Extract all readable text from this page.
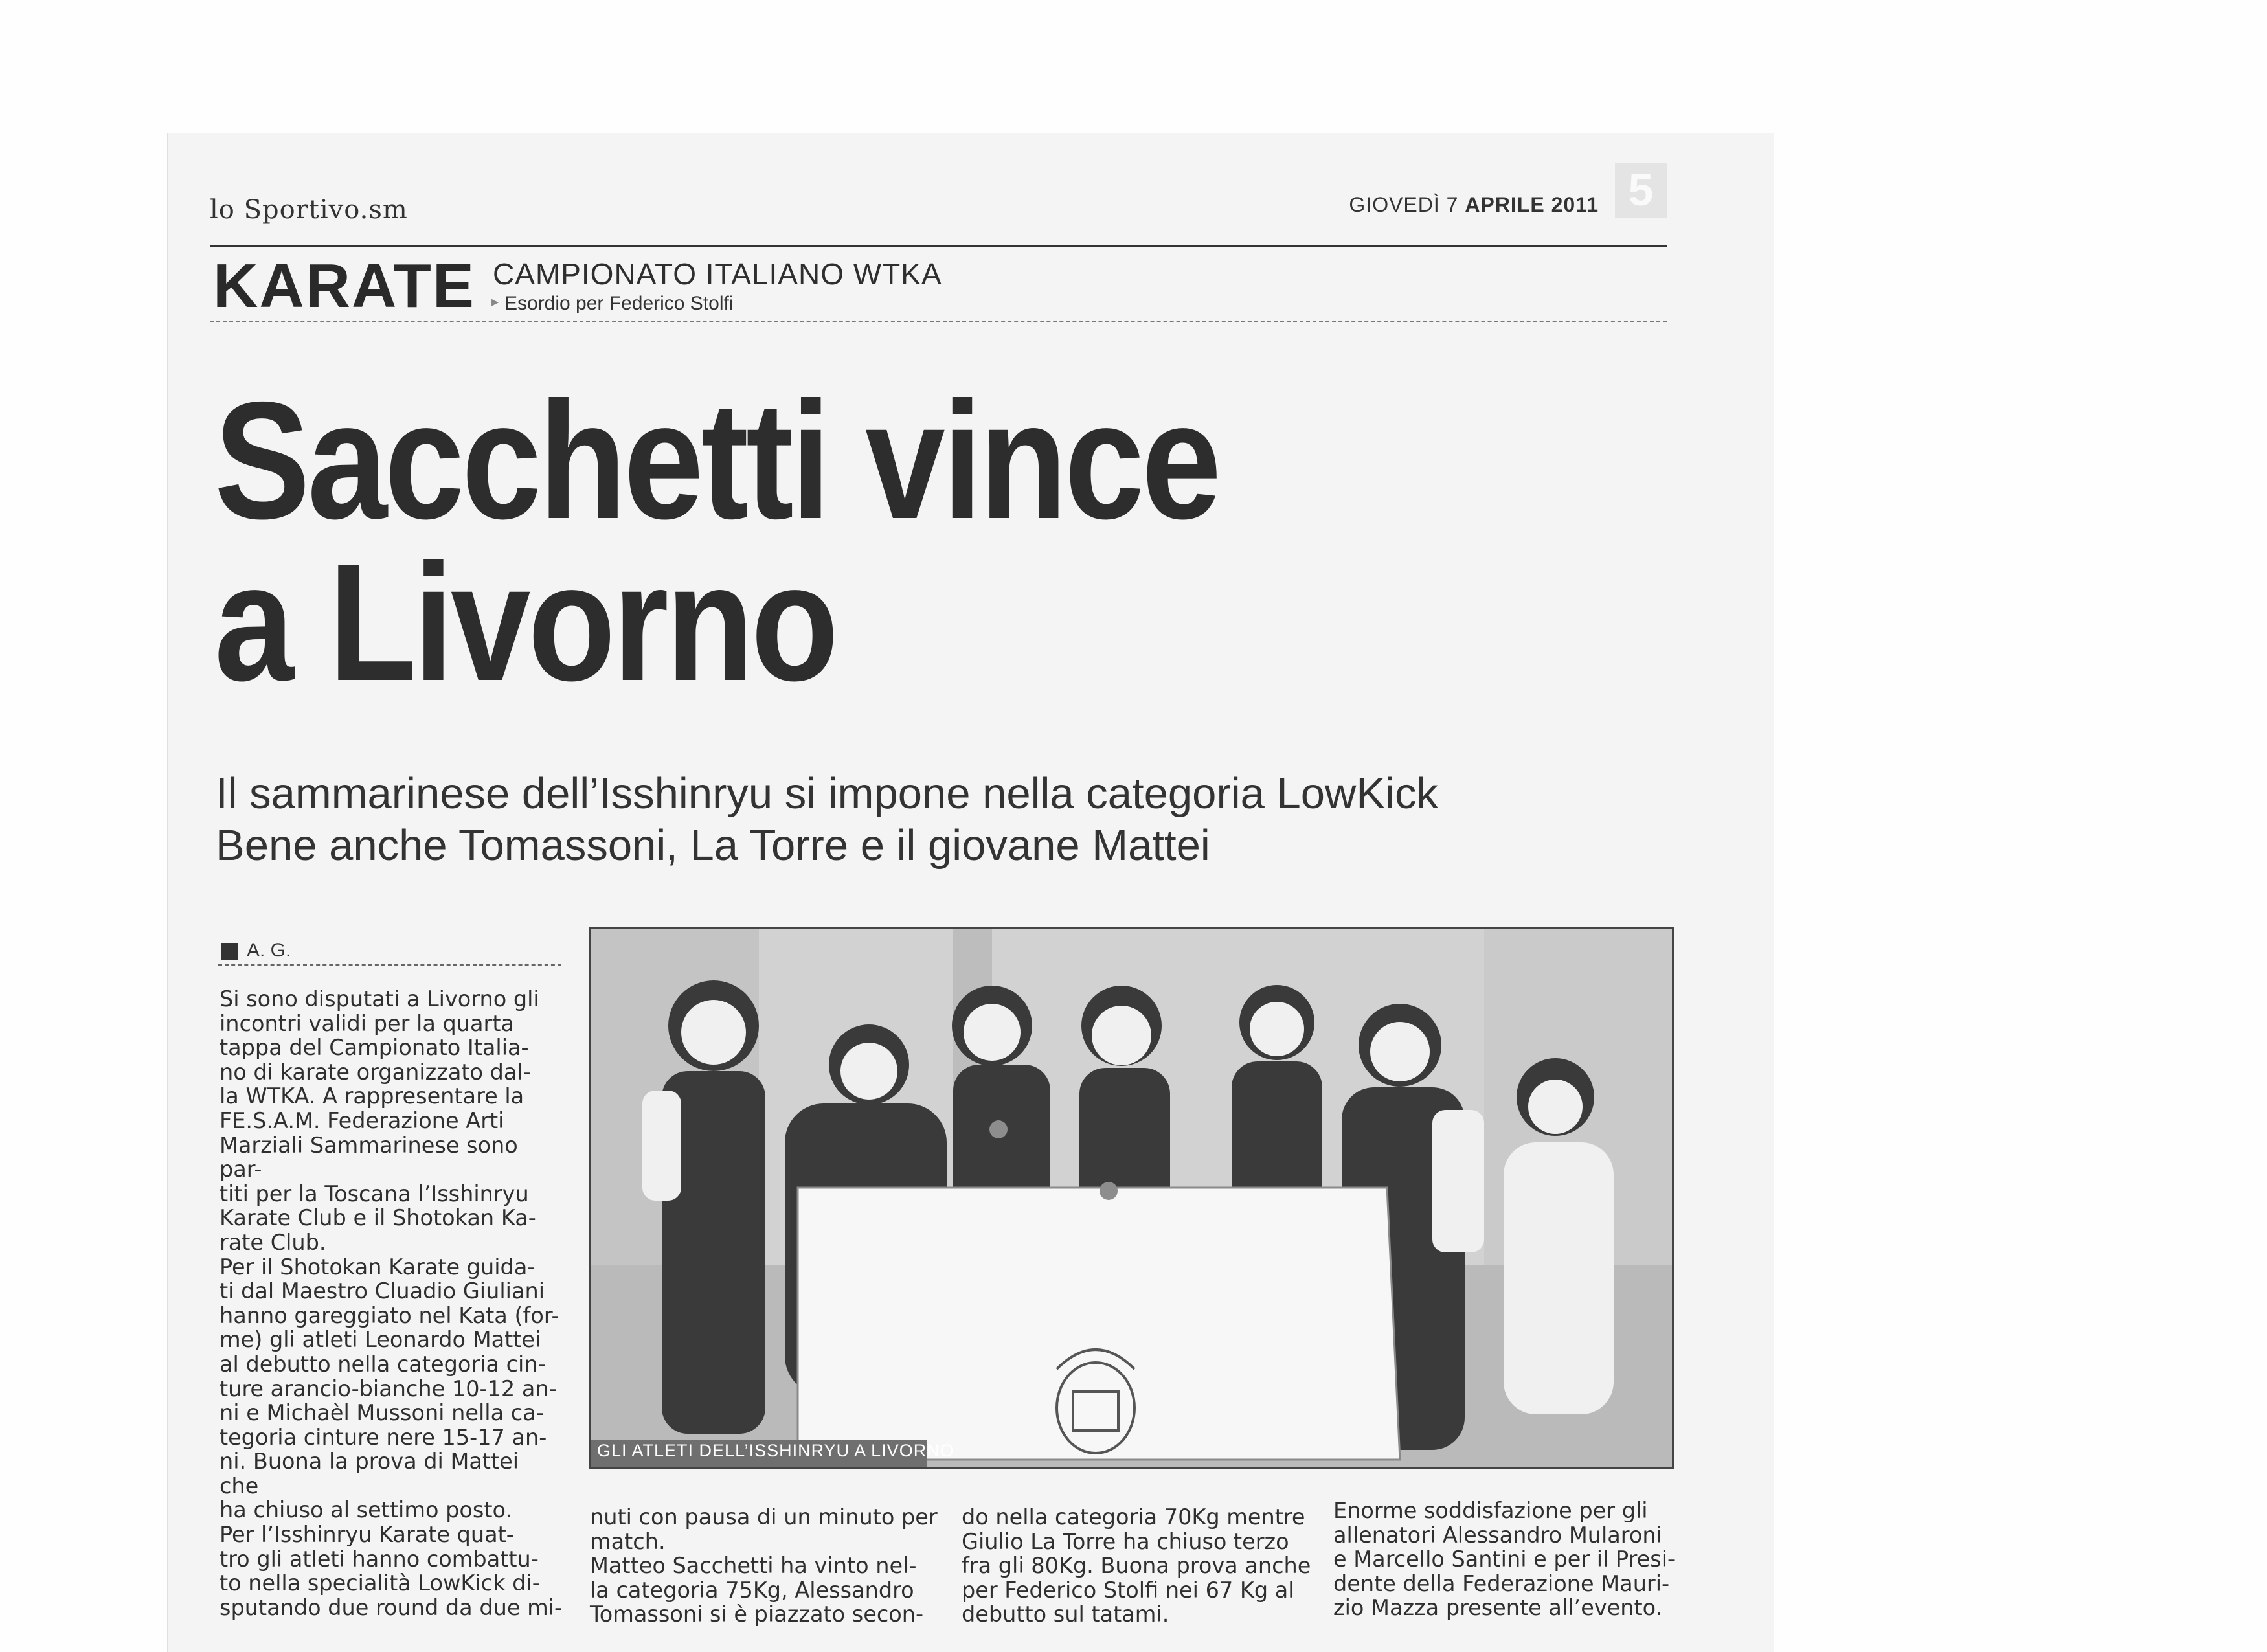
lo Sportivo.sm	GIOVEDÌ 7 APRILE 2011 5
KARATE CAMPIONATO ITALIANO WTKA
▸ Esordio per Federico Stolfi
Sacchetti vince
a Livorno
Il sammarinese dell’Isshinryu si impone nella categoria LowKick
Bene anche Tomassoni, La Torre e il giovane Mattei
A. G.
Si sono disputati a Livorno gli
incontri validi per la quarta
tappa del Campionato Italia-
no di karate organizzato dal-
la WTKA. A rappresentare la
FE.S.A.M. Federazione Arti
Marziali Sammarinese sono par-
titi per la Toscana l’Isshinryu
Karate Club e il Shotokan Ka-
rate Club.
Per il Shotokan Karate guida-
ti dal Maestro Cluadio Giuliani
hanno gareggiato nel Kata (for-
me) gli atleti Leonardo Mattei
al debutto nella categoria cin-
ture arancio-bianche 10-12 an-
ni e Michaèl Mussoni nella ca-
tegoria cinture nere 15-17 an-
ni. Buona la prova di Mattei che
ha chiuso al settimo posto.
Per l’Isshinryu Karate quat-
tro gli atleti hanno combattu-
to nella specialità LowKick di-
sputando due round da due mi-
GLI ATLETI DELL’ISSHINRYU A LIVORNO
nuti con pausa di un minuto per
match.
Matteo Sacchetti ha vinto nel-
la categoria 75Kg, Alessandro
Tomassoni si è piazzato secon-
do nella categoria 70Kg mentre
Giulio La Torre ha chiuso terzo
fra gli 80Kg. Buona prova anche
per Federico Stolfi nei 67 Kg al
debutto sul tatami.
Enorme soddisfazione per gli
allenatori Alessandro Mularoni
e Marcello Santini e per il Presi-
dente della Federazione Mauri-
zio Mazza presente all’evento.
